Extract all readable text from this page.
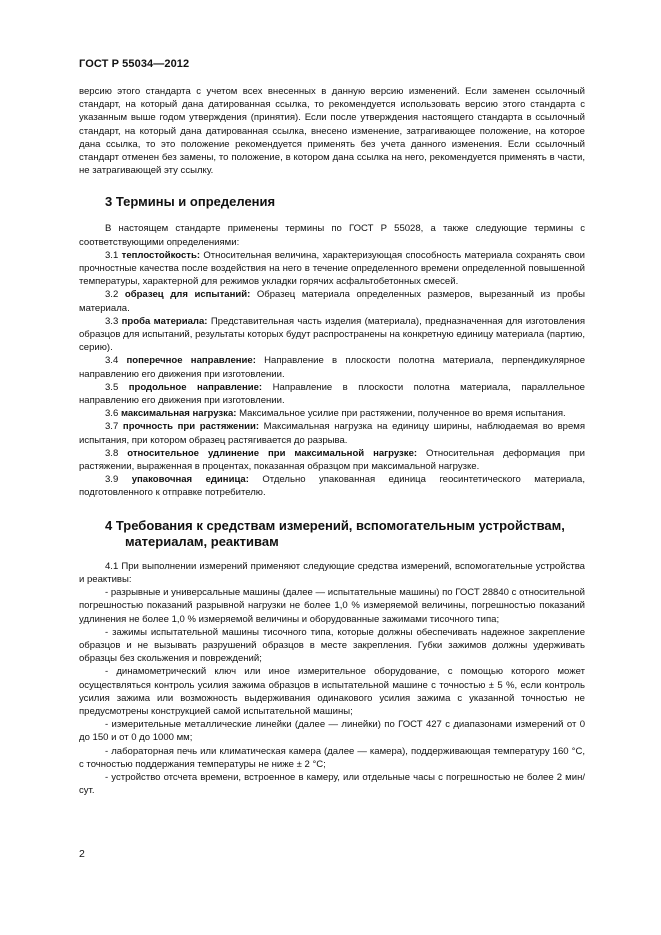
ГОСТ Р 55034—2012

версию этого стандарта с учетом всех внесенных в данную версию изменений. Если заменен ссылочный стандарт, на который дана датированная ссылка, то рекомендуется использовать версию этого стандарта с указанным выше годом утверждения (принятия). Если после утверждения настоящего стандарта в ссылочный стандарт, на который дана датированная ссылка, внесено изменение, затрагивающее положение, на которое дана ссылка, то это положение рекомендуется применять без учета данного изменения. Если ссылочный стандарт отменен без замены, то положение, в котором дана ссылка на него, рекомендуется применять в части, не затрагивающей эту ссылку.

3 Термины и определения

В настоящем стандарте применены термины по ГОСТ Р 55028, а также следующие термины с соответствующими определениями:

3.1 теплостойкость: Относительная величина, характеризующая способность материала сохранять свои прочностные качества после воздействия на него в течение определенного времени определенной повышенной температуры, характерной для режимов укладки горячих асфальтобетонных смесей.

3.2 образец для испытаний: Образец материала определенных размеров, вырезанный из пробы материала.

3.3 проба материала: Представительная часть изделия (материала), предназначенная для изготовления образцов для испытаний, результаты которых будут распространены на конкретную единицу материала (партию, серию).

3.4 поперечное направление: Направление в плоскости полотна материала, перпендикулярное направлению его движения при изготовлении.

3.5 продольное направление: Направление в плоскости полотна материала, параллельное направлению его движения при изготовлении.

3.6 максимальная нагрузка: Максимальное усилие при растяжении, полученное во время испытания.

3.7 прочность при растяжении: Максимальная нагрузка на единицу ширины, наблюдаемая во время испытания, при котором образец растягивается до разрыва.

3.8 относительное удлинение при максимальной нагрузке: Относительная деформация при растяжении, выраженная в процентах, показанная образцом при максимальной нагрузке.

3.9 упаковочная единица: Отдельно упакованная единица геосинтетического материала, подготовленного к отправке потребителю.

4 Требования к средствам измерений, вспомогательным устройствам,
материалам, реактивам

4.1 При выполнении измерений применяют следующие средства измерений, вспомогательные устройства и реактивы:

- разрывные и универсальные машины (далее — испытательные машины) по ГОСТ 28840 с относительной погрешностью показаний разрывной нагрузки не более 1,0 % измеряемой величины, погрешностью показаний удлинения не более 1,0 % измеряемой величины и оборудованные зажимами тисочного типа;

- зажимы испытательной машины тисочного типа, которые должны обеспечивать надежное закрепление образцов и не вызывать разрушений образцов в месте закрепления. Губки зажимов должны удерживать образцы без скольжения и повреждений;

- динамометрический ключ или иное измерительное оборудование, с помощью которого может осуществляться контроль усилия зажима образцов в испытательной машине с точностью ± 5 %, если контроль усилия зажима или возможность выдерживания одинакового усилия зажима с указанной точностью не предусмотрены конструкцией самой испытательной машины;

- измерительные металлические линейки (далее — линейки) по ГОСТ 427 с диапазонами измерений от 0 до 150 и от 0 до 1000 мм;

- лабораторная печь или климатическая камера (далее — камера), поддерживающая температуру 160 °С, с точностью поддержания температуры не ниже ± 2 °С;

- устройство отсчета времени, встроенное в камеру, или отдельные часы с погрешностью не более 2 мин/сут.

2
